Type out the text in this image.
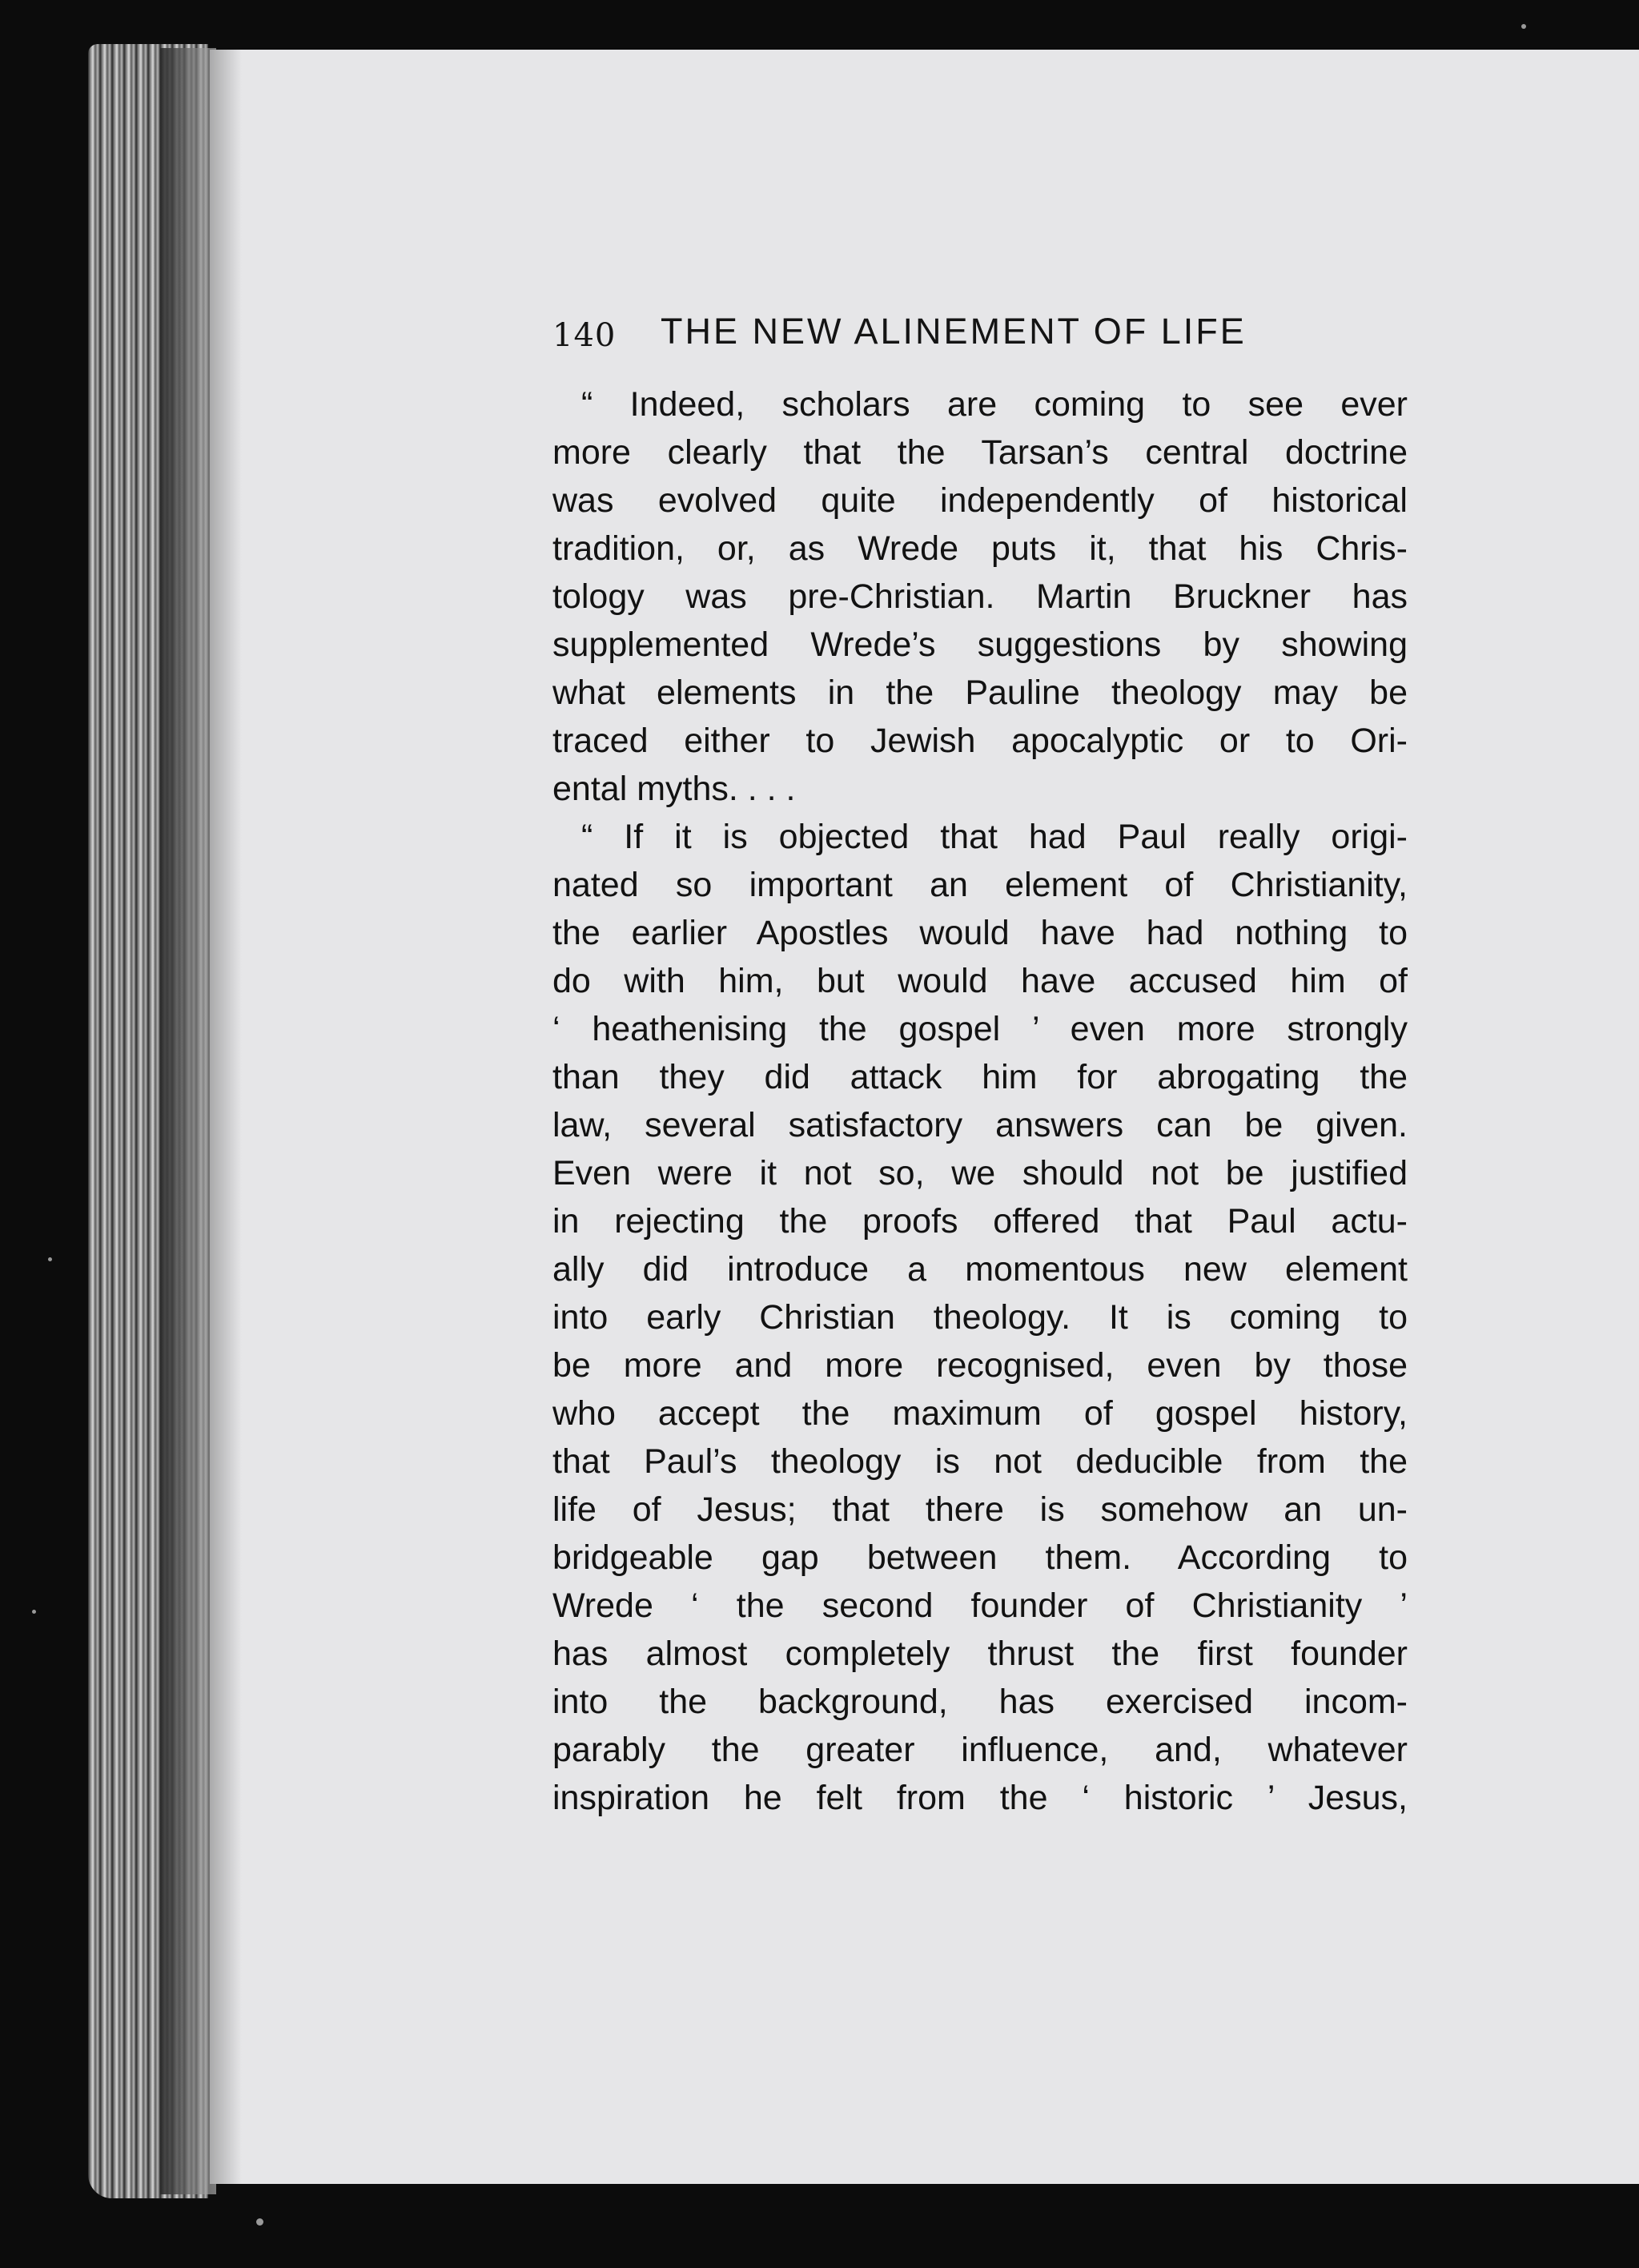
140 THE NEW ALINEMENT OF LIFE
“ Indeed, scholars are coming to see ever
more clearly that the Tarsan’s central doctrine
was evolved quite independently of historical
tradition, or, as Wrede puts it, that his Chris-
tology was pre-Christian. Martin Bruckner has
supplemented Wrede’s suggestions by showing
what elements in the Pauline theology may be
traced either to Jewish apocalyptic or to Ori-
ental myths. . . .
“ If it is objected that had Paul really origi-
nated so important an element of Christianity,
the earlier Apostles would have had nothing to
do with him, but would have accused him of
‘ heathenising the gospel ’ even more strongly
than they did attack him for abrogating the
law, several satisfactory answers can be given.
Even were it not so, we should not be justified
in rejecting the proofs offered that Paul actu-
ally did introduce a momentous new element
into early Christian theology. It is coming to
be more and more recognised, even by those
who accept the maximum of gospel history,
that Paul’s theology is not deducible from the
life of Jesus; that there is somehow an un-
bridgeable gap between them. According to
Wrede ‘ the second founder of Christianity ’
has almost completely thrust the first founder
into the background, has exercised incom-
parably the greater influence, and, whatever
inspiration he felt from the ‘ historic ’ Jesus,
